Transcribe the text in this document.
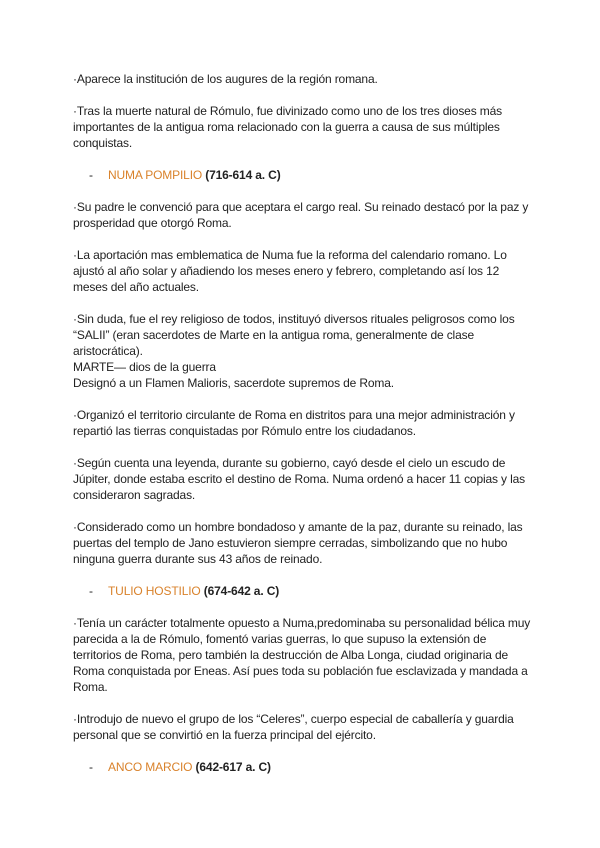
·Aparece la institución de los augures de la región romana.

·Tras la muerte natural de Rómulo, fue divinizado como uno de los tres dioses más importantes de la antigua roma relacionado con la guerra a causa de sus múltiples conquistas.

- NUMA POMPILIO (716-614 a. C)

·Su padre le convenció para que aceptara el cargo real. Su reinado destacó por la paz y prosperidad que otorgó Roma.

·La aportación mas emblematica de Numa fue la reforma del calendario romano. Lo ajustó al año solar y añadiendo los meses enero y febrero, completando así los 12 meses del año actuales.

·Sin duda, fue el rey religioso de todos, instituyó diversos rituales peligrosos como los “SALII” (eran sacerdotes de Marte en la antigua roma, generalmente de clase aristocrática).

MARTE— dios de la guerra

Designó a un Flamen Malioris, sacerdote supremos de Roma.

·Organizó el territorio circulante de Roma en distritos para una mejor administración y repartió las tierras conquistadas por Rómulo entre los ciudadanos.

·Según cuenta una leyenda, durante su gobierno, cayó desde el cielo un escudo de Júpiter, donde estaba escrito el destino de Roma. Numa ordenó a hacer 11 copias y las consideraron sagradas.

·Considerado como un hombre bondadoso y amante de la paz, durante su reinado, las puertas del templo de Jano estuvieron siempre cerradas, simbolizando que no hubo ninguna guerra durante sus 43 años de reinado.

- TULIO HOSTILIO (674-642 a. C)

·Tenía un carácter totalmente opuesto a Numa,predominaba su personalidad bélica muy parecida a la de Rómulo, fomentó varias guerras, lo que supuso la extensión de territorios de Roma, pero también la destrucción de Alba Longa, ciudad originaria de Roma conquistada por Eneas. Así pues toda su población fue esclavizada y mandada a Roma.

·Introdujo de nuevo el grupo de los “Celeres”, cuerpo especial de caballería y guardia personal que se convirtió en la fuerza principal del ejército.

- ANCO MARCIO (642-617 a. C)
